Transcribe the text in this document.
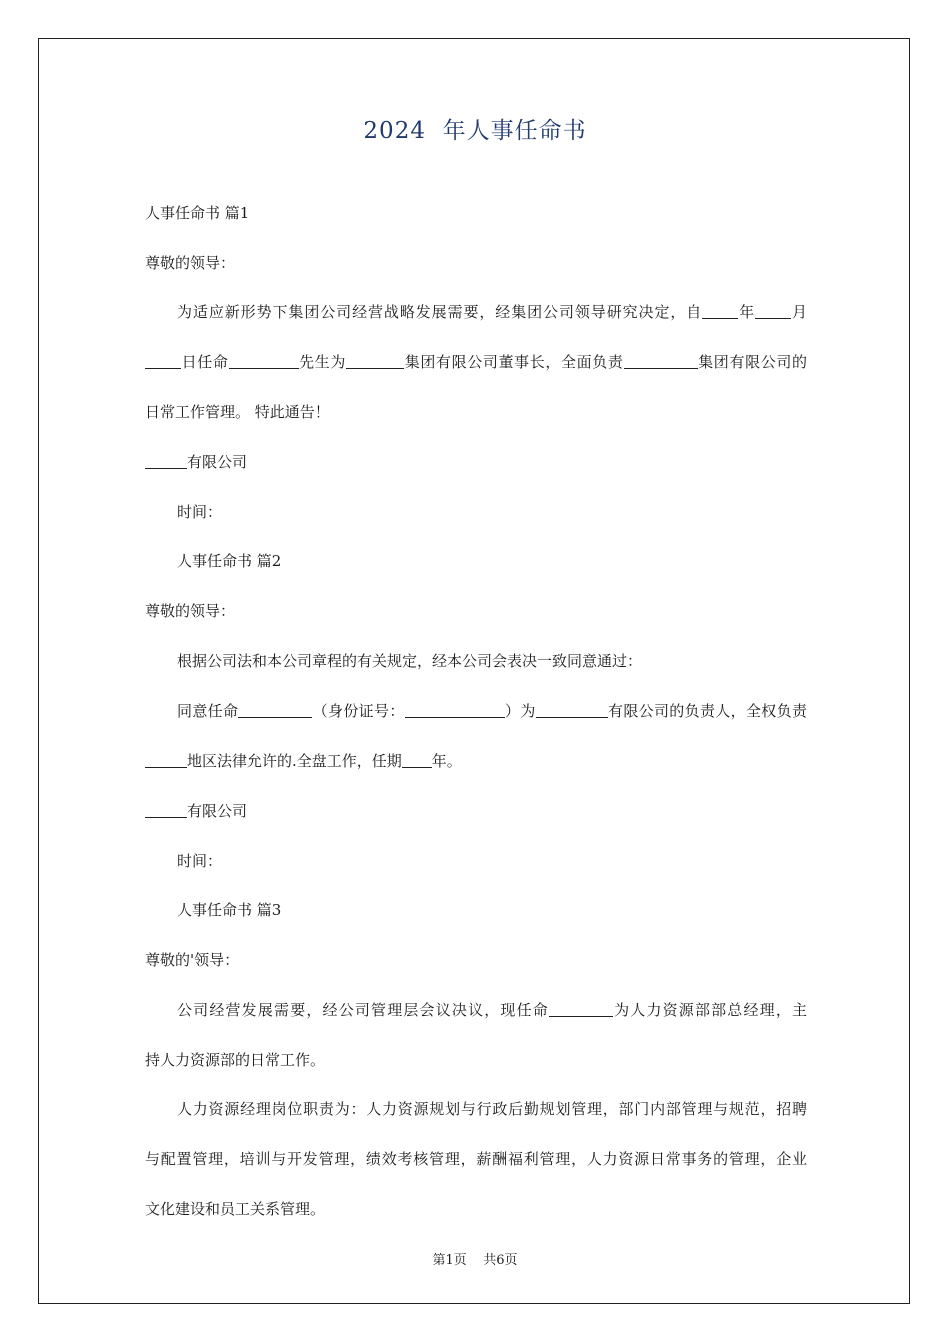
2024  年人事任命书
人事任命书 篇1
尊敬的领导：
为适应新形势下集团公司经营战略发展需要，经集团公司领导研究决定，自 年 月
日任命	先生为	集团有限公司董事长，全面负责	集团有限公司的
日常工作管理。 特此通告！
有限公司
时间：
人事任命书 篇2
尊敬的领导：
根据公司法和本公司章程的有关规定，经本公司会表决一致同意通过：
同意任命	（身份证号：	）为	有限公司的负责人，全权负责
地区法律允许的.全盘工作，任期 年。
有限公司
时间：
人事任命书 篇3
尊敬的'领导：
公司经营发展需要，经公司管理层会议决议，现任命	为人力资源部部总经理，主
持人力资源部的日常工作。
人力资源经理岗位职责为：人力资源规划与行政后勤规划管理，部门内部管理与规范，招聘
与配置管理，培训与开发管理，绩效考核管理，薪酬福利管理，人力资源日常事务的管理，企业
文化建设和员工关系管理。
第1页    共6页
